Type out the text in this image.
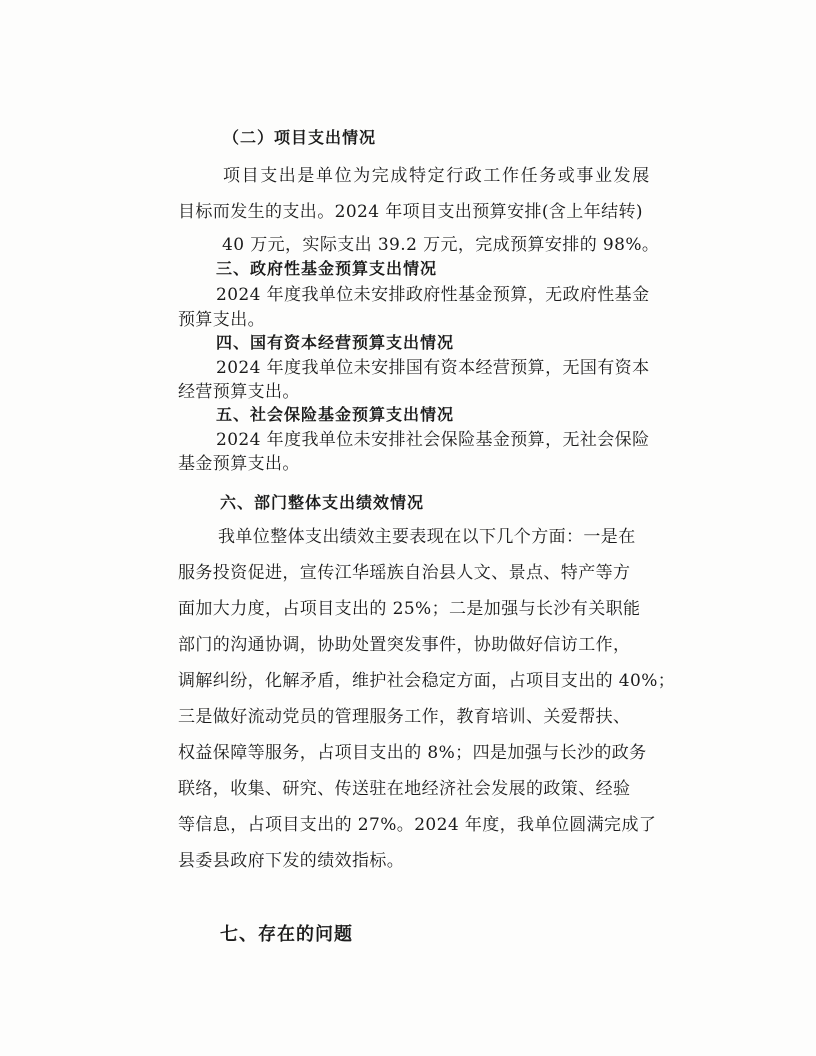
（二）项目支出情况
项目支出是单位为完成特定行政工作任务或事业发展
目标而发生的支出。2024 年项目支出预算安排(含上年结转)
40 万元，实际支出 39.2 万元，完成预算安排的 98%。
三、政府性基金预算支出情况
2024 年度我单位未安排政府性基金预算，无政府性基金
预算支出。
四、国有资本经营预算支出情况
2024 年度我单位未安排国有资本经营预算，无国有资本
经营预算支出。
五、社会保险基金预算支出情况
2024 年度我单位未安排社会保险基金预算，无社会保险
基金预算支出。
六、部门整体支出绩效情况
我单位整体支出绩效主要表现在以下几个方面：一是在
服务投资促进，宣传江华瑶族自治县人文、景点、特产等方
面加大力度，占项目支出的 25%；二是加强与长沙有关职能
部门的沟通协调，协助处置突发事件，协助做好信访工作，
调解纠纷，化解矛盾，维护社会稳定方面，占项目支出的 40%；
三是做好流动党员的管理服务工作，教育培训、关爱帮扶、
权益保障等服务，占项目支出的 8%；四是加强与长沙的政务
联络，收集、研究、传送驻在地经济社会发展的政策、经验
等信息，占项目支出的 27%。2024 年度，我单位圆满完成了
县委县政府下发的绩效指标。
七、存在的问题
